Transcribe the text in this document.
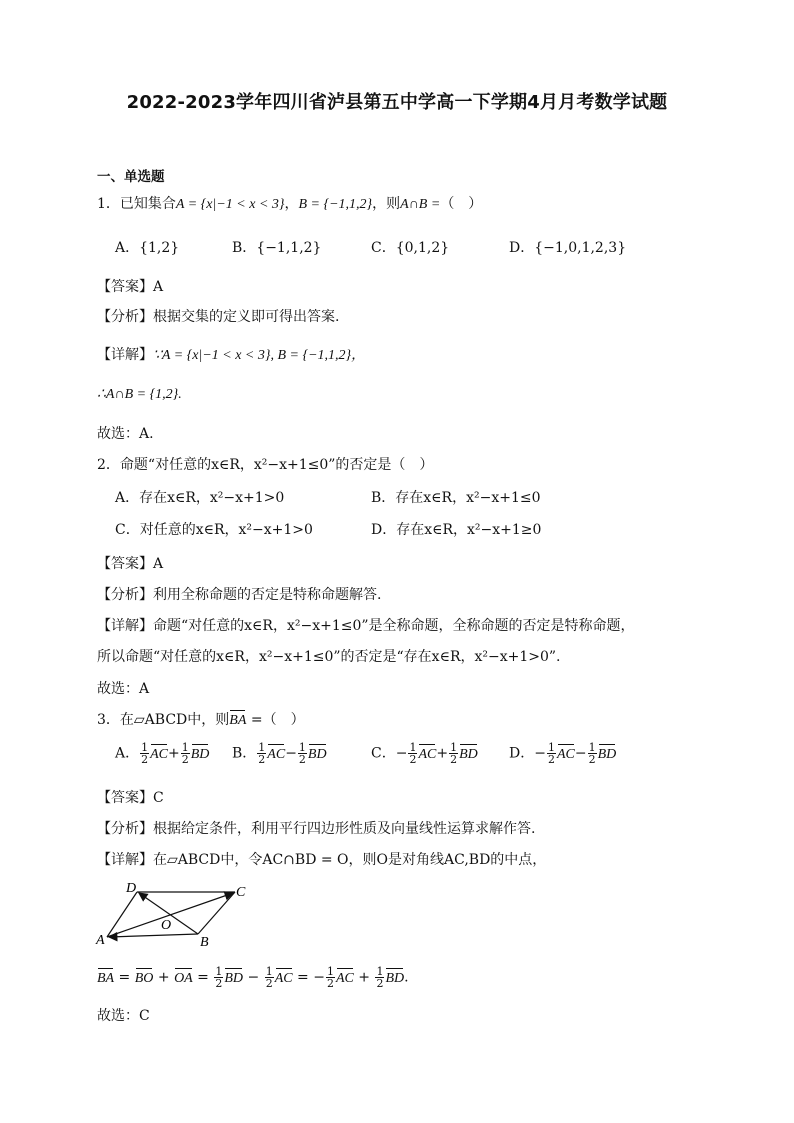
2022-2023学年四川省泸县第五中学高一下学期4月月考数学试题
一、单选题
1．已知集合A = {x|−1 < x < 3}，B = {−1,1,2}，则A∩B =（　）
A．{1,2}	B．{−1,1,2}	C．{0,1,2}	D．{−1,0,1,2,3}
【答案】A
【分析】根据交集的定义即可得出答案.
【详解】∵A = {x|−1 < x < 3}, B = {−1,1,2}，
∴A∩B = {1,2}.
故选：A.
2．命题“对任意的x∈R，x²−x+1≤0”的否定是（　）
A．存在x∈R，x²−x+1>0	B．存在x∈R，x²−x+1≤0
C．对任意的x∈R，x²−x+1>0	D．存在x∈R，x²−x+1≥0
【答案】A
【分析】利用全称命题的否定是特称命题解答.
【详解】命题“对任意的x∈R，x²−x+1≤0”是全称命题，全称命题的否定是特称命题，
所以命题“对任意的x∈R，x²−x+1≤0”的否定是“存在x∈R，x²−x+1>0”.
故选：A
3．在▱ABCD中，则BA =（　）
A． $\frac{1}{2} AC+ \frac{1}{2}$ BD B． $\frac{1}{2} AC- \frac{1}{2}$ BD	C．− $\frac{1}{2} AC+ \frac{1}{2}$ BD D．− $\frac{1}{2} AC- \frac{1}{2}$ BD
【答案】C
【分析】根据给定条件，利用平行四边形性质及向量线性运算求解作答.
【详解】在▱ABCD中，令AC∩BD = O，则O是对角线AC,BD的中点，
D	C
A	B
O
BA = BO + OA = $\frac{1}{2}$ BD − $\frac{1}{2}$ AC = − $\frac{1}{2}$ AC + $\frac{1}{2}$ BD.
故选：C
